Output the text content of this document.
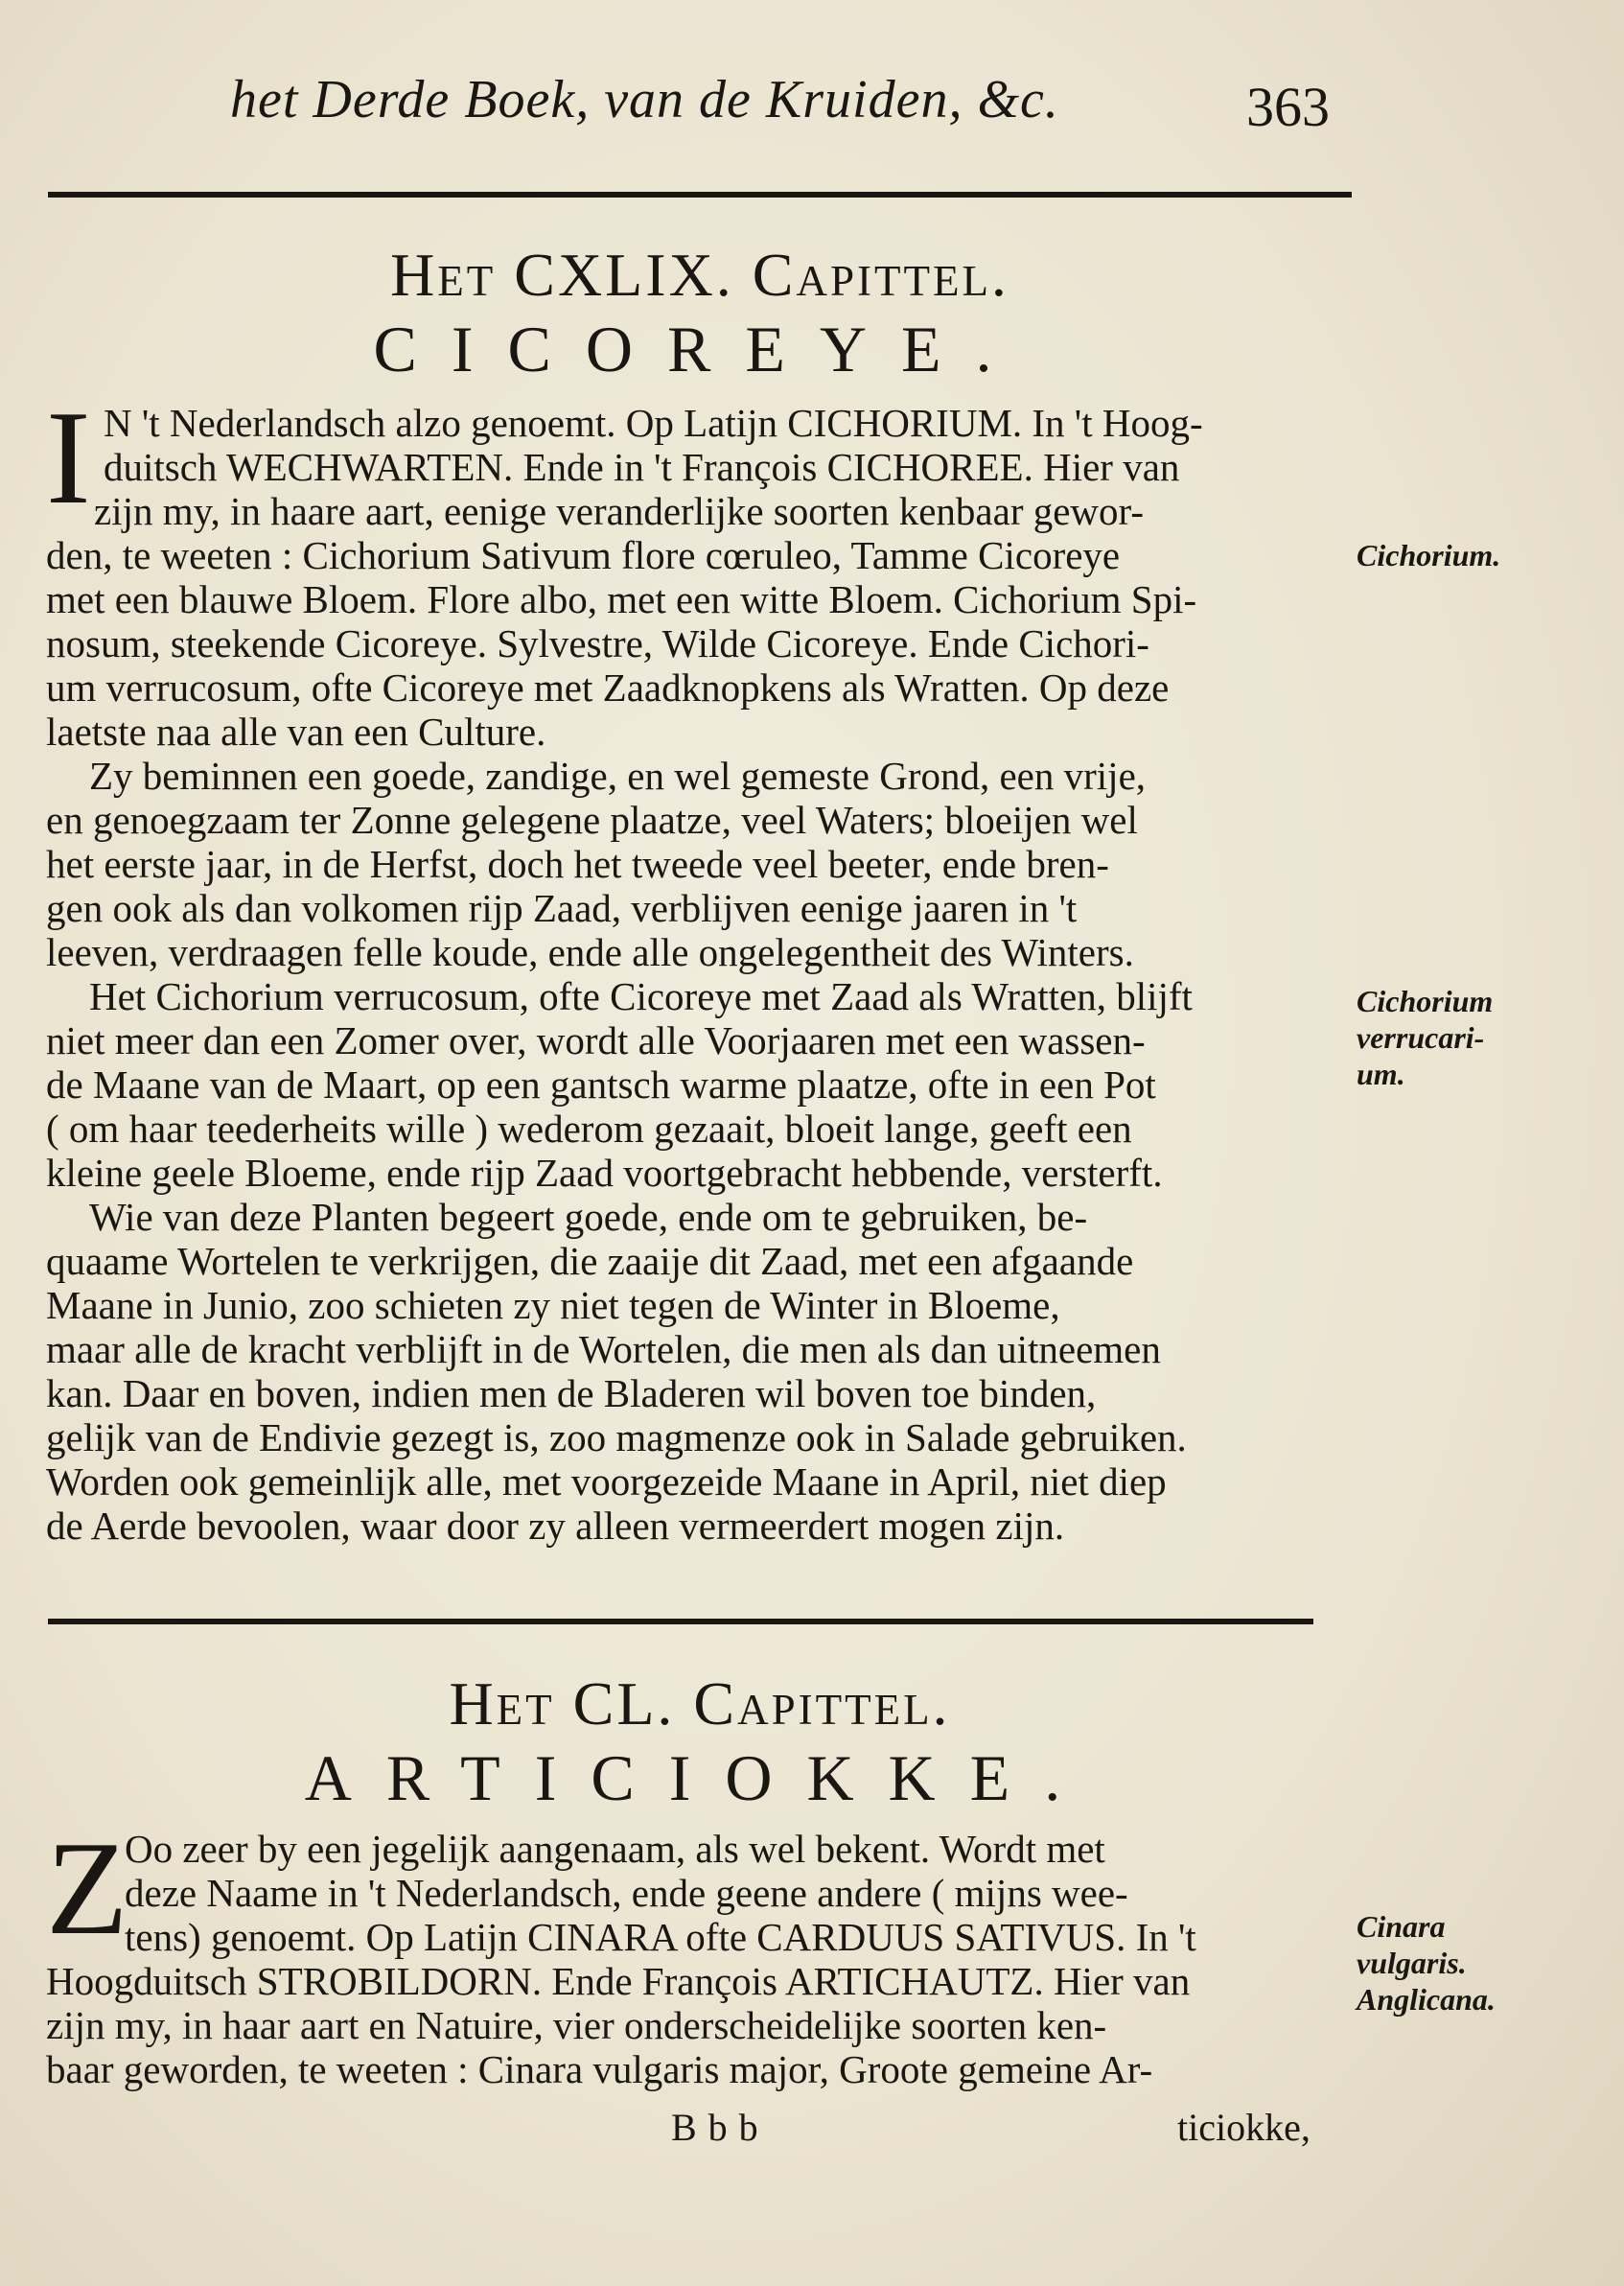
het Derde Boek, van de Kruiden, &c.	363
Het CXLIX. Capittel.
CICOREYE.
I N 't Nederlandsch alzo genoemt. Op Latijn CICHORIUM. In 't Hoog-
duitsch WECHWARTEN. Ende in 't François CICHOREE. Hier van
zijn my, in haare aart, eenige veranderlijke soorten kenbaar gewor-
den, te weeten : Cichorium Sativum flore cœruleo, Tamme Cicoreye
met een blauwe Bloem. Flore albo, met een witte Bloem. Cichorium Spi-
nosum, steekende Cicoreye. Sylvestre, Wilde Cicoreye. Ende Cichori-
um verrucosum, ofte Cicoreye met Zaadknopkens als Wratten. Op deze
laetste naa alle van een Culture.
Zy beminnen een goede, zandige, en wel gemeste Grond, een vrije,
en genoegzaam ter Zonne gelegene plaatze, veel Waters; bloeijen wel
het eerste jaar, in de Herfst, doch het tweede veel beeter, ende bren-
gen ook als dan volkomen rijp Zaad, verblijven eenige jaaren in 't
leeven, verdraagen felle koude, ende alle ongelegentheit des Winters.
Het Cichorium verrucosum, ofte Cicoreye met Zaad als Wratten, blijft
niet meer dan een Zomer over, wordt alle Voorjaaren met een wassen-
de Maane van de Maart, op een gantsch warme plaatze, ofte in een Pot
( om haar teederheits wille ) wederom gezaait, bloeit lange, geeft een
kleine geele Bloeme, ende rijp Zaad voortgebracht hebbende, versterft.
Wie van deze Planten begeert goede, ende om te gebruiken, be-
quaame Wortelen te verkrijgen, die zaaije dit Zaad, met een afgaande
Maane in Junio, zoo schieten zy niet tegen de Winter in Bloeme,
maar alle de kracht verblijft in de Wortelen, die men als dan uitneemen
kan. Daar en boven, indien men de Bladeren wil boven toe binden,
gelijk van de Endivie gezegt is, zoo magmenze ook in Salade gebruiken.
Worden ook gemeinlijk alle, met voorgezeide Maane in April, niet diep
de Aerde bevoolen, waar door zy alleen vermeerdert mogen zijn.
Cichorium.
Cichorium
verrucari-
um.
Het CL. Capittel.
ARTICIOKKE.
Z
Oo zeer by een jegelijk aangenaam, als wel bekent. Wordt met
deze Naame in 't Nederlandsch, ende geene andere ( mijns wee-
tens) genoemt. Op Latijn CINARA ofte CARDUUS SATIVUS. In 't
Hoogduitsch STROBILDORN. Ende François ARTICHAUTZ. Hier van
zijn my, in haar aart en Natuire, vier onderscheidelijke soorten ken-
baar geworden, te weeten : Cinara vulgaris major, Groote gemeine Ar-
Cinara
vulgaris.
Anglicana.
Bbb	ticiokke,
